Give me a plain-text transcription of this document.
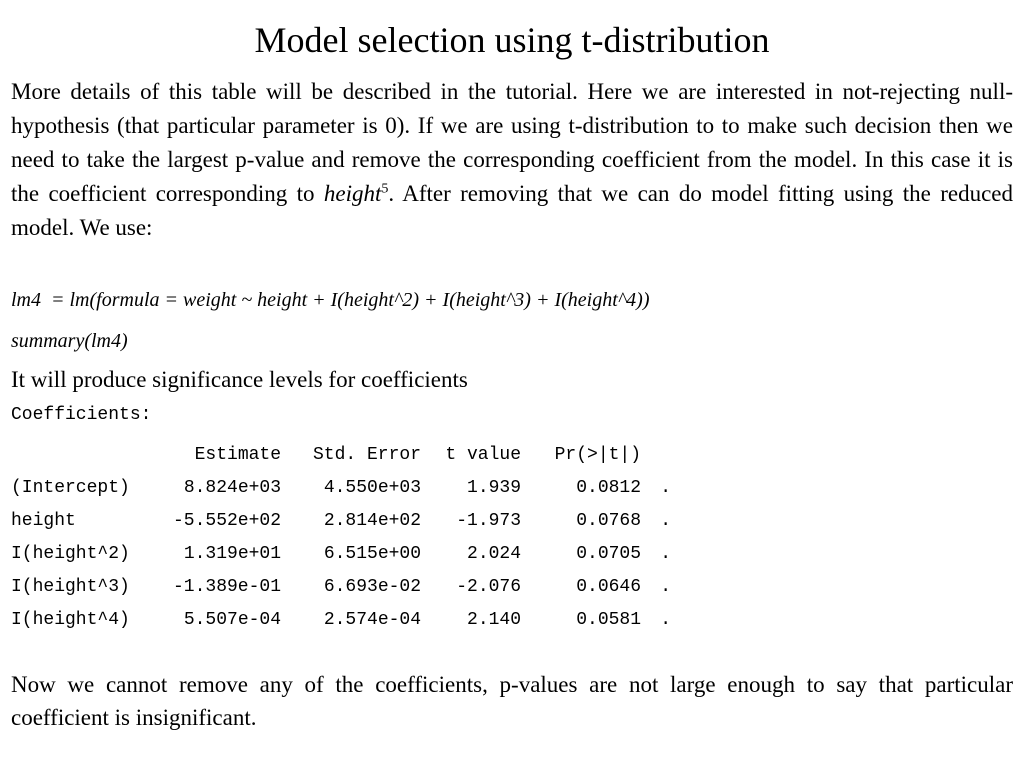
Model selection using t-distribution

More details of this table will be described in the tutorial. Here we are interested in not-rejecting null-hypothesis (that particular parameter is 0). If we are using t-distribution to to make such decision then we need to take the largest p-value and remove the corresponding coefficient from the model. In this case it is the coefficient corresponding to height$^5$. After removing that we can do model fitting using the reduced model. We use:

lm4  = lm(formula = weight ~ height + I(height^2) + I(height^3) + I(height^4))

summary(lm4)

It will produce significance levels for coefficients

Coefficients:

	Estimate	Std. Error	t value	Pr(>|t|)	
(Intercept)	8.824e+03	4.550e+03	1.939	0.0812	.
height	-5.552e+02	2.814e+02	-1.973	0.0768	.
I(height^2)	1.319e+01	6.515e+00	2.024	0.0705	.
I(height^3)	-1.389e-01	6.693e-02	-2.076	0.0646	.
I(height^4)	5.507e-04	2.574e-04	2.140	0.0581	.

Now we cannot remove any of the coefficients, p-values are not large enough to say that particular coefficient is insignificant.
